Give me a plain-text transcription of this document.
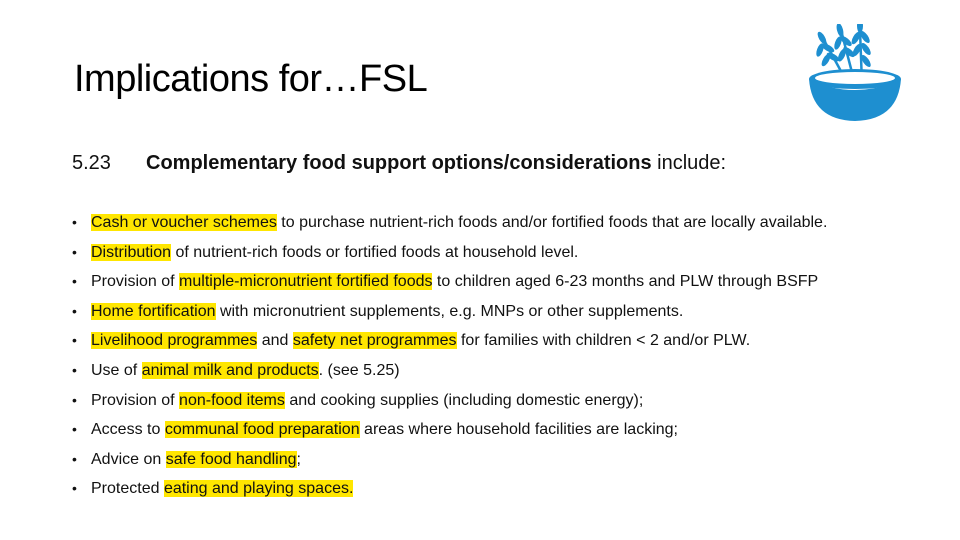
Implications for…FSL
5.23 Complementary food support options/considerations include:
• Cash or voucher schemes to purchase nutrient-rich foods and/or fortified foods that are locally available.
• Distribution of nutrient-rich foods or fortified foods at household level.
• Provision of multiple-micronutrient fortified foods to children aged 6-23 months and PLW through BSFP
• Home fortification with micronutrient supplements, e.g. MNPs or other supplements.
• Livelihood programmes and safety net programmes for families with children < 2 and/or PLW.
• Use of animal milk and products. (see 5.25)
• Provision of non-food items and cooking supplies (including domestic energy);
• Access to communal food preparation areas where household facilities are lacking;
• Advice on safe food handling;
• Protected eating and playing spaces.
